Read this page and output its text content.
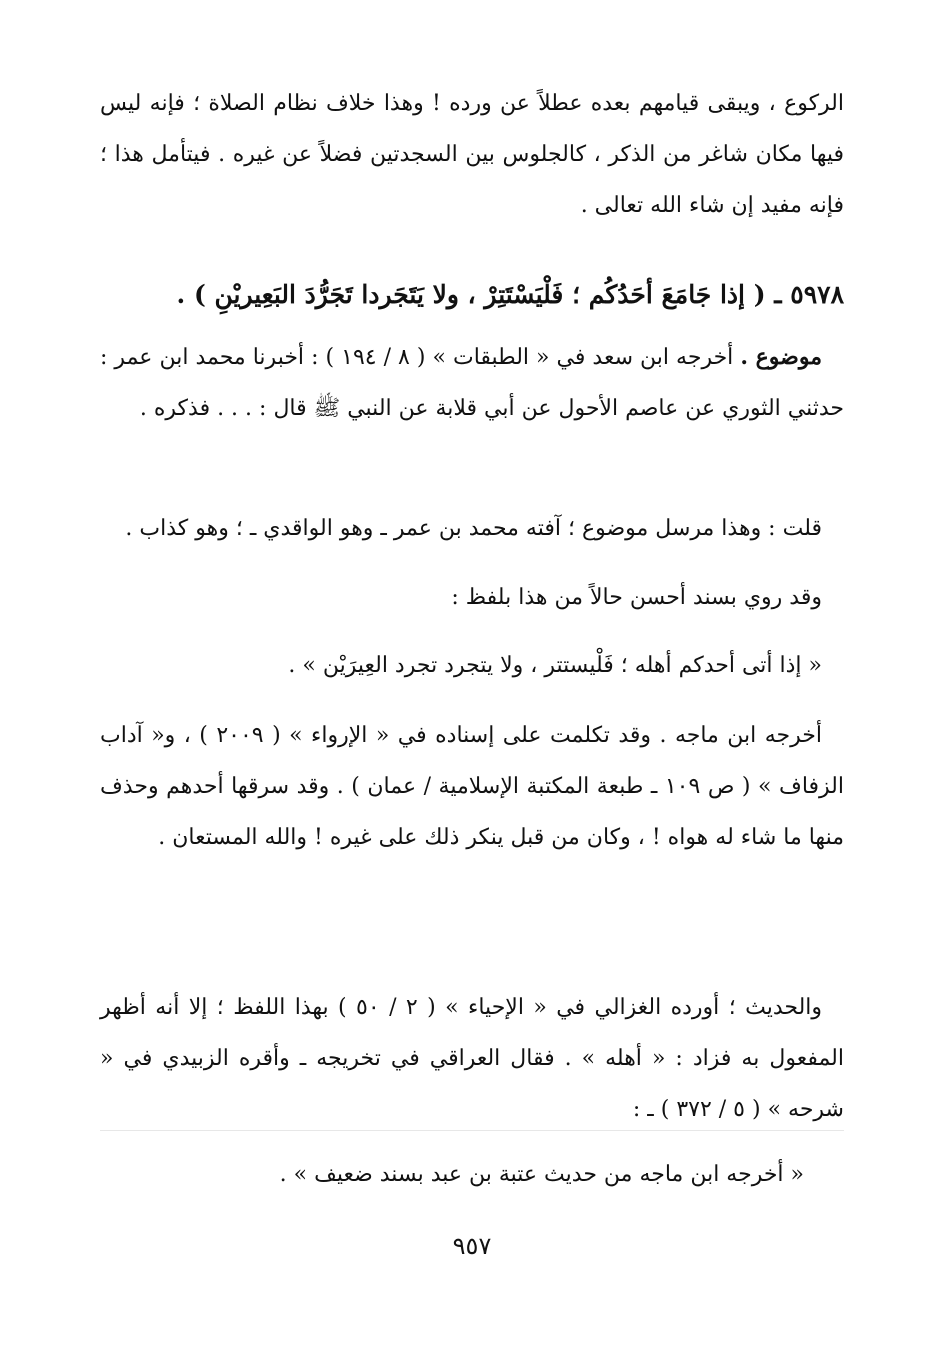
الركوع ، ويبقى قيامهم بعده عطلاً عن ورده ! وهذا خلاف نظام الصلاة ؛ فإنه ليس فيها مكان شاغر من الذكر ، كالجلوس بين السجدتين فضلاً عن غيره . فيتأمل هذا ؛ فإنه مفيد إن شاء الله تعالى .

٥٩٧٨ ـ ( إذا جَامَعَ أحَدُكُم ؛ فَلْيَسْتَتِرْ ، ولا يَتَجَردا تَجَرُّدَ البَعِيريْنِ ) .

موضوع . أخرجه ابن سعد في « الطبقات » ( ٨ / ١٩٤ ) : أخبرنا محمد ابن عمر : حدثني الثوري عن عاصم الأحول عن أبي قلابة عن النبي ﷺ قال : . . . فذكره .

قلت : وهذا مرسل موضوع ؛ آفته محمد بن عمر ـ وهو الواقدي ـ ؛ وهو كذاب .

وقد روي بسند أحسن حالاً من هذا بلفظ :

« إذا أتى أحدكم أهله ؛ فَلْيستتر ، ولا يتجرد تجرد العِيرَيْن » .

أخرجه ابن ماجه . وقد تكلمت على إسناده في « الإرواء » ( ٢٠٠٩ ) ، و« آداب الزفاف » ( ص ١٠٩ ـ طبعة المكتبة الإسلامية / عمان ) . وقد سرقها أحدهم وحذف منها ما شاء له هواه ! ، وكان من قبل ينكر ذلك على غيره ! والله المستعان .

والحديث ؛ أورده الغزالي في « الإحياء » ( ٢ / ٥٠ ) بهذا اللفظ ؛ إلا أنه أظهر المفعول به فزاد : « أهله » . فقال العراقي في تخريجه ـ وأقره الزبيدي في « شرحه » ( ٥ / ٣٧٢ ) ـ :

« أخرجه ابن ماجه من حديث عتبة بن عبد بسند ضعيف » .

٩٥٧
